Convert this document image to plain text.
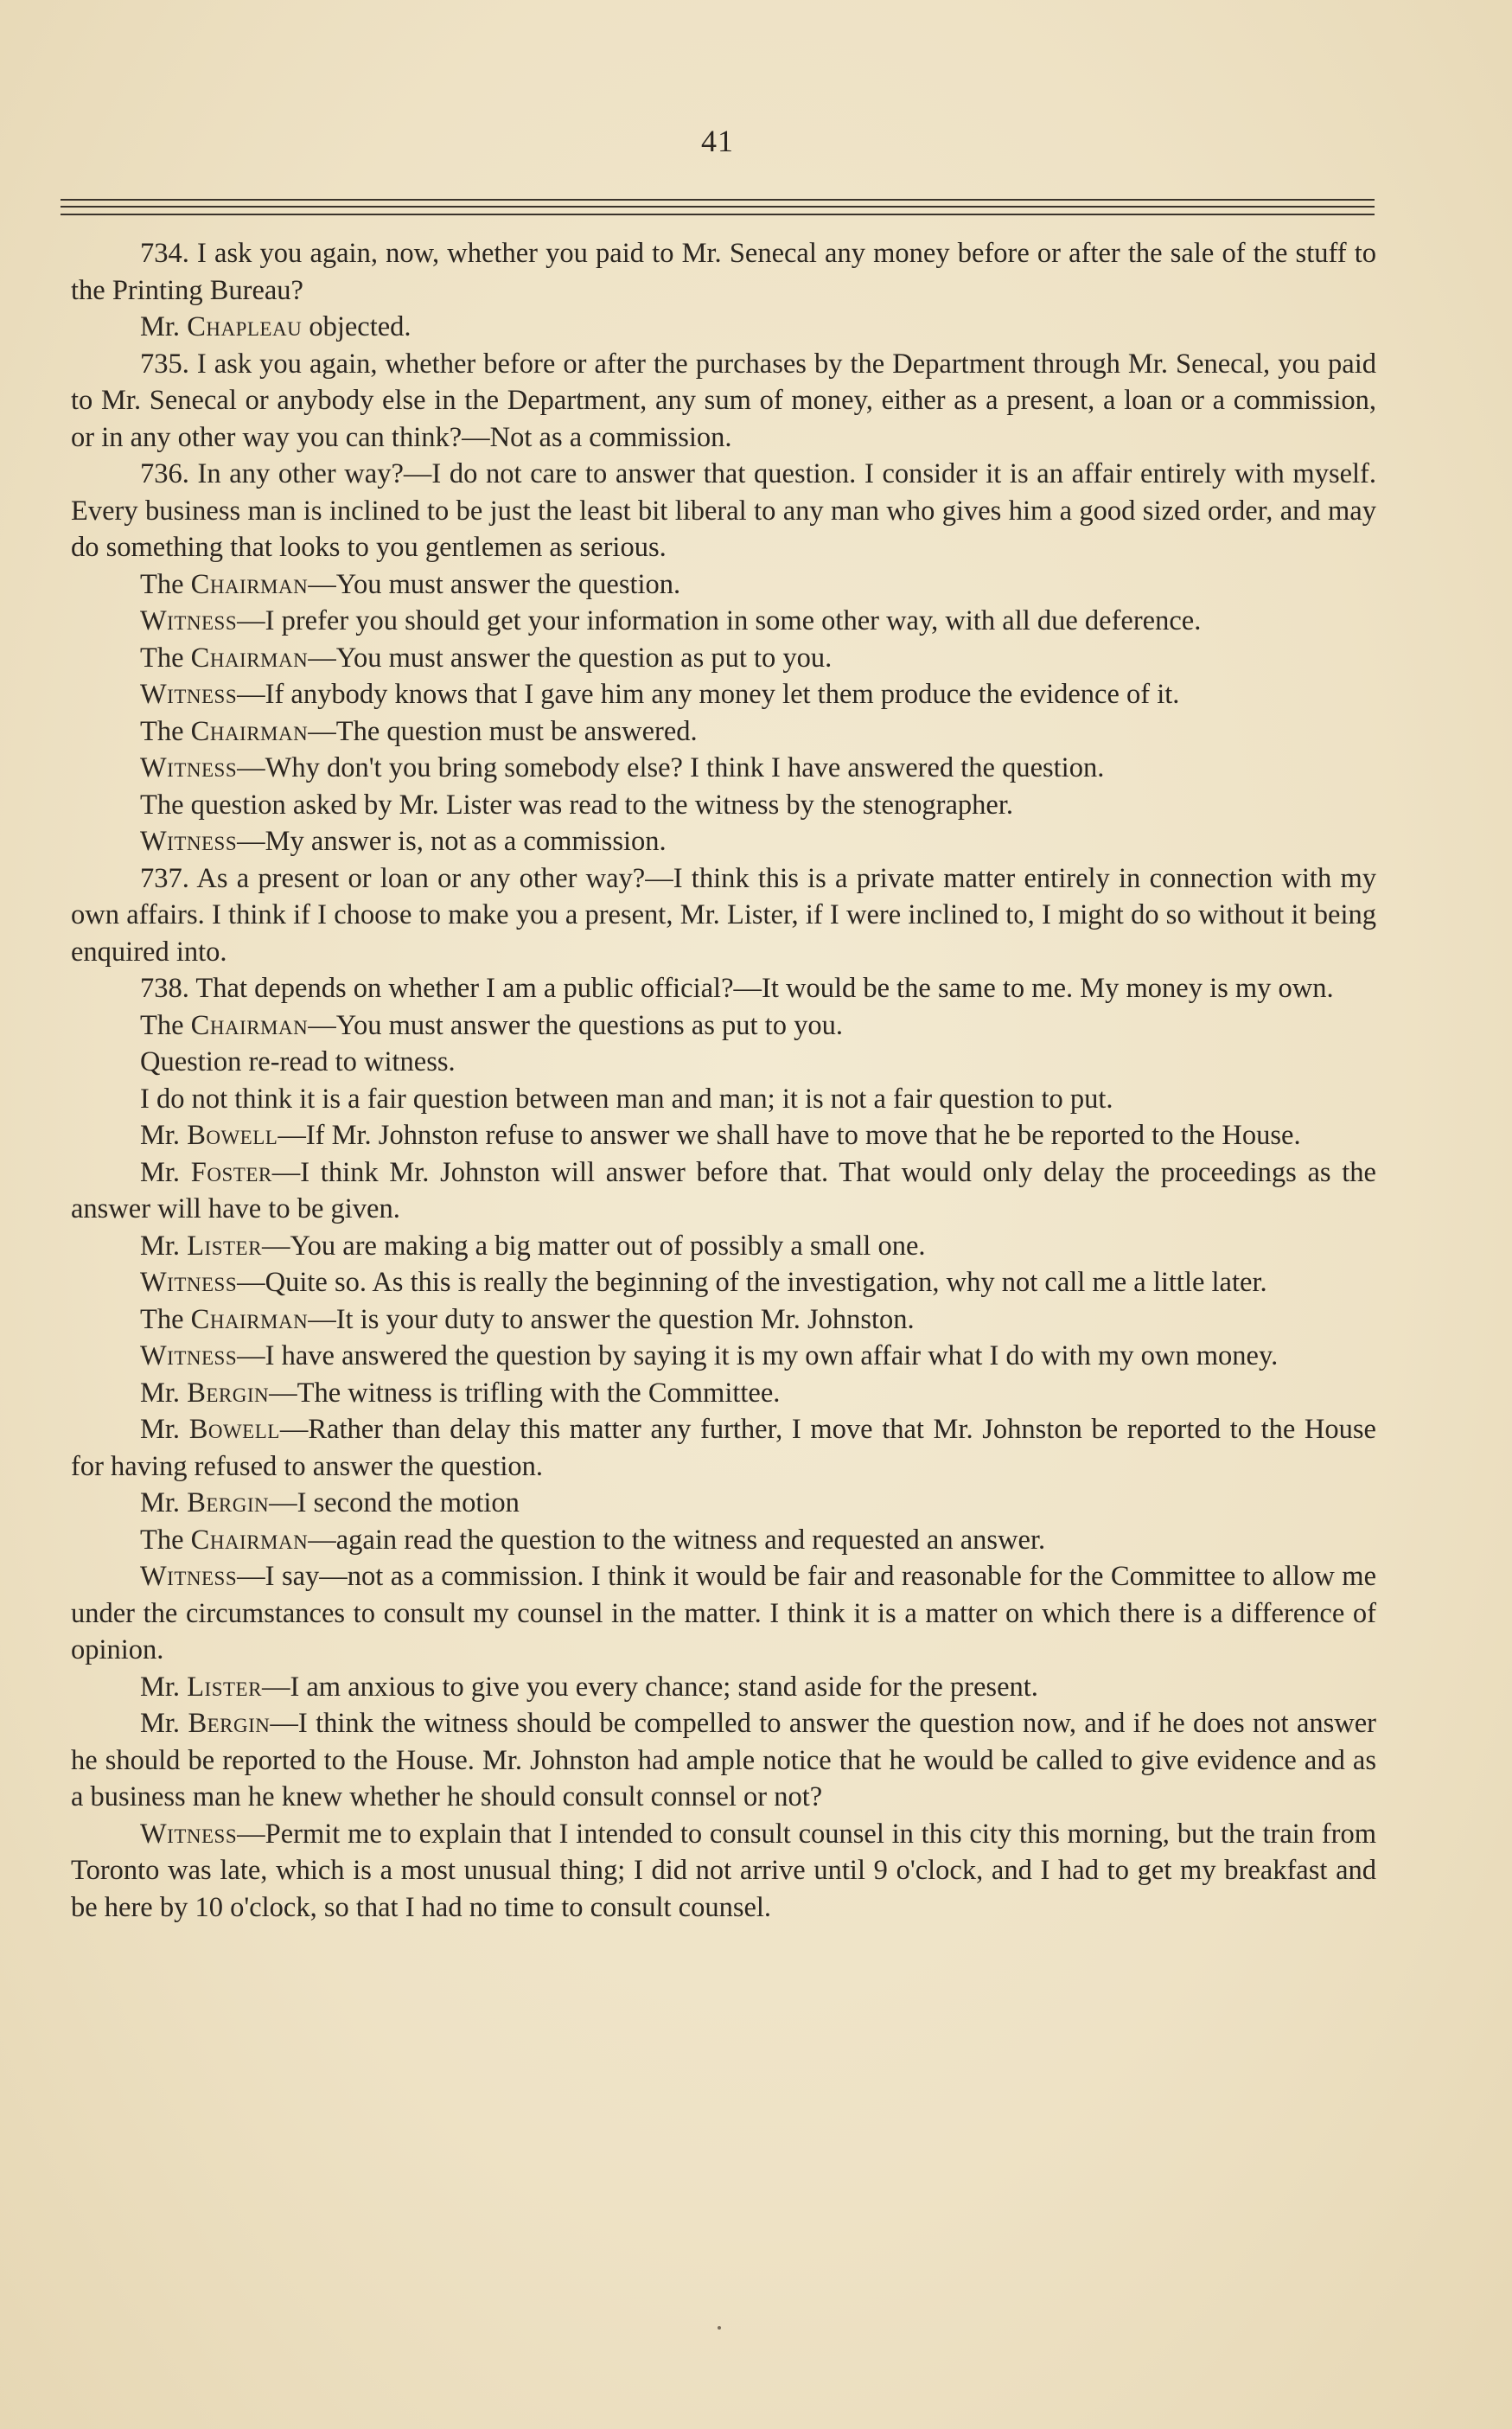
41

734. I ask you again, now, whether you paid to Mr. Senecal any money before or after the sale of the stuff to the Printing Bureau?

Mr. Chapleau objected.

735. I ask you again, whether before or after the purchases by the Department through Mr. Senecal, you paid to Mr. Senecal or anybody else in the Department, any sum of money, either as a present, a loan or a commission, or in any other way you can think?—Not as a commission.

736. In any other way?—I do not care to answer that question. I consider it is an affair entirely with myself. Every business man is inclined to be just the least bit liberal to any man who gives him a good sized order, and may do something that looks to you gentlemen as serious.

The Chairman—You must answer the question.

Witness—I prefer you should get your information in some other way, with all due deference.

The Chairman—You must answer the question as put to you.

Witness—If anybody knows that I gave him any money let them produce the evidence of it.

The Chairman—The question must be answered.

Witness—Why don't you bring somebody else? I think I have answered the question.

The question asked by Mr. Lister was read to the witness by the stenographer.

Witness—My answer is, not as a commission.

737. As a present or loan or any other way?—I think this is a private matter entirely in connection with my own affairs. I think if I choose to make you a present, Mr. Lister, if I were inclined to, I might do so without it being enquired into.

738. That depends on whether I am a public official?—It would be the same to me. My money is my own.

The Chairman—You must answer the questions as put to you.

Question re-read to witness.

I do not think it is a fair question between man and man; it is not a fair question to put.

Mr. Bowell—If Mr. Johnston refuse to answer we shall have to move that he be reported to the House.

Mr. Foster—I think Mr. Johnston will answer before that. That would only delay the proceedings as the answer will have to be given.

Mr. Lister—You are making a big matter out of possibly a small one.

Witness—Quite so. As this is really the beginning of the investigation, why not call me a little later.

The Chairman—It is your duty to answer the question Mr. Johnston.

Witness—I have answered the question by saying it is my own affair what I do with my own money.

Mr. Bergin—The witness is trifling with the Committee.

Mr. Bowell—Rather than delay this matter any further, I move that Mr. Johnston be reported to the House for having refused to answer the question.

Mr. Bergin—I second the motion

The Chairman—again read the question to the witness and requested an answer.

Witness—I say—not as a commission. I think it would be fair and reasonable for the Committee to allow me under the circumstances to consult my counsel in the matter. I think it is a matter on which there is a difference of opinion.

Mr. Lister—I am anxious to give you every chance; stand aside for the present.

Mr. Bergin—I think the witness should be compelled to answer the question now, and if he does not answer he should be reported to the House. Mr. Johnston had ample notice that he would be called to give evidence and as a business man he knew whether he should consult connsel or not?

Witness—Permit me to explain that I intended to consult counsel in this city this morning, but the train from Toronto was late, which is a most unusual thing; I did not arrive until 9 o'clock, and I had to get my breakfast and be here by 10 o'clock, so that I had no time to consult counsel.
